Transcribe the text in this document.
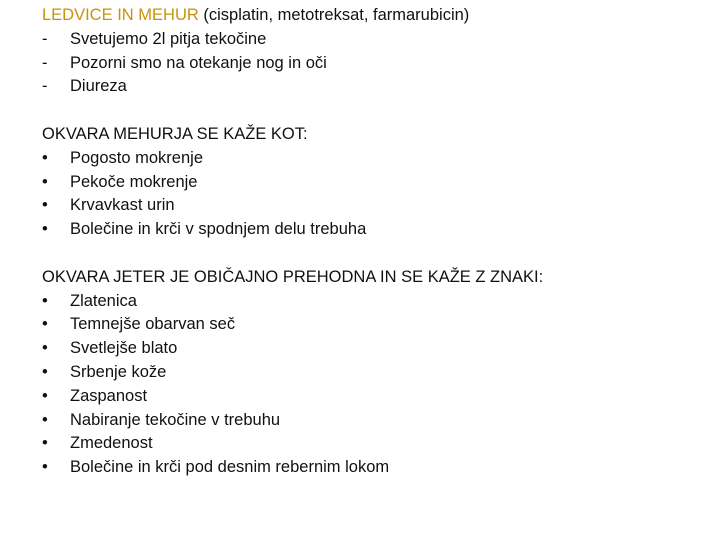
LEDVICE IN MEHUR (cisplatin, metotreksat, farmarubicin)
-	Svetujemo 2l pitja tekočine
-	Pozorni smo na otekanje nog in oči
-	Diureza
OKVARA MEHURJA SE KAŽE KOT:
•	Pogosto mokrenje
•	Pekoče mokrenje
•	Krvavkast urin
•	Bolečine in krči v spodnjem delu trebuha
OKVARA JETER JE OBIČAJNO PREHODNA IN SE KAŽE Z ZNAKI:
•	Zlatenica
•	Temnejše obarvan seč
•	Svetlejše blato
•	Srbenje kože
•	Zaspanost
•	Nabiranje tekočine v trebuhu
•	Zmedenost
•	Bolečine in krči pod desnim rebernim lokom
